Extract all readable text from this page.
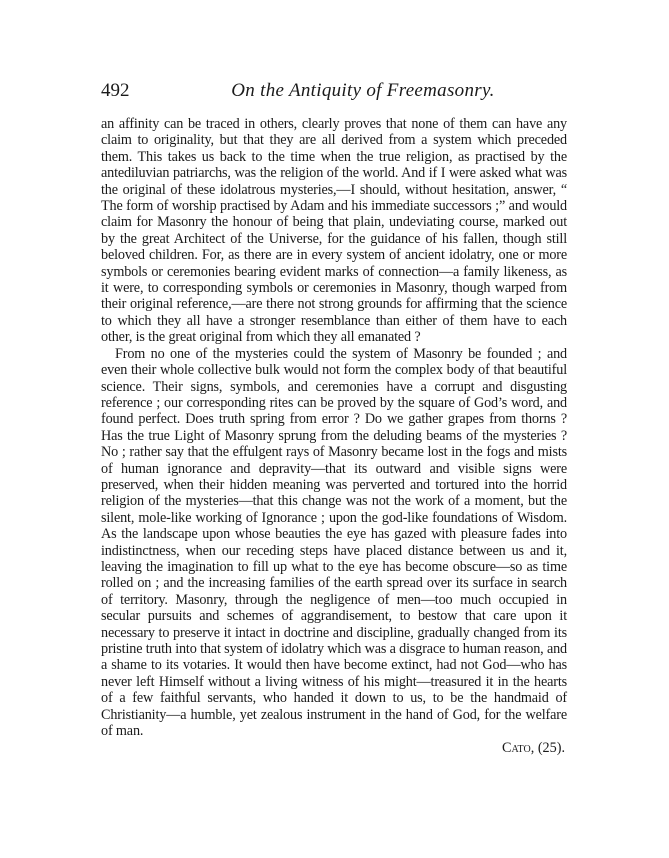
492	On the Antiquity of Freemasonry.

an affinity can be traced in others, clearly proves that none of them can have any claim to originality, but that they are all derived from a system which preceded them. This takes us back to the time when the true religion, as practised by the antediluvian patriarchs, was the religion of the world. And if I were asked what was the original of these idolatrous mysteries,—I should, without hesitation, answer, “ The form of worship practised by Adam and his immediate successors ;” and would claim for Masonry the honour of being that plain, undeviating course, marked out by the great Architect of the Universe, for the guidance of his fallen, though still beloved children. For, as there are in every system of ancient idolatry, one or more symbols or ceremonies bearing evident marks of connection—a family likeness, as it were, to corresponding symbols or ceremonies in Masonry, though warped from their original reference,—are there not strong grounds for affirming that the science to which they all have a stronger resemblance than either of them have to each other, is the great original from which they all emanated ?

From no one of the mysteries could the system of Masonry be founded ; and even their whole collective bulk would not form the complex body of that beautiful science. Their signs, symbols, and ceremonies have a corrupt and disgusting reference ; our corresponding rites can be proved by the square of God’s word, and found perfect. Does truth spring from error ? Do we gather grapes from thorns ? Has the true Light of Masonry sprung from the deluding beams of the mysteries ? No ; rather say that the effulgent rays of Masonry became lost in the fogs and mists of human ignorance and depravity—that its outward and visible signs were preserved, when their hidden meaning was perverted and tortured into the horrid religion of the mysteries—that this change was not the work of a moment, but the silent, mole-like working of Ignorance ; upon the god-like foundations of Wisdom. As the landscape upon whose beauties the eye has gazed with pleasure fades into indistinctness, when our receding steps have placed distance between us and it, leaving the imagination to fill up what to the eye has become obscure—so as time rolled on ; and the increasing families of the earth spread over its surface in search of territory. Masonry, through the negligence of men—too much occupied in secular pursuits and schemes of aggrandisement, to bestow that care upon it necessary to preserve it intact in doctrine and discipline, gradually changed from its pristine truth into that system of idolatry which was a disgrace to human reason, and a shame to its votaries. It would then have become extinct, had not God—who has never left Himself without a living witness of his might—treasured it in the hearts of a few faithful servants, who handed it down to us, to be the handmaid of Christianity—a humble, yet zealous instrument in the hand of God, for the welfare of man.

Cato, (25).
